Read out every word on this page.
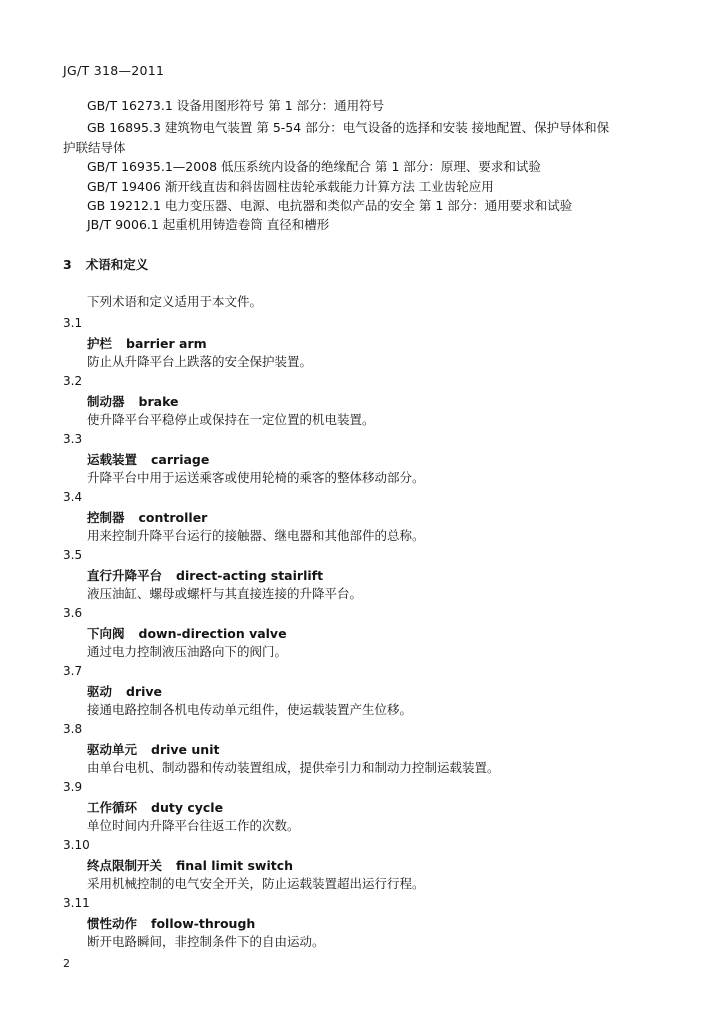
JG/T 318—2011
GB/T 16273.1 设备用图形符号 第 1 部分：通用符号
GB 16895.3 建筑物电气装置 第 5-54 部分：电气设备的选择和安装 接地配置、保护导体和保
护联结导体
GB/T 16935.1—2008 低压系统内设备的绝缘配合 第 1 部分：原理、要求和试验
GB/T 19406 渐开线直齿和斜齿圆柱齿轮承载能力计算方法 工业齿轮应用
GB 19212.1 电力变压器、电源、电抗器和类似产品的安全 第 1 部分：通用要求和试验
JB/T 9006.1 起重机用铸造卷筒 直径和槽形
3 术语和定义
下列术语和定义适用于本文件。
3.1
护栏 barrier arm
防止从升降平台上跌落的安全保护装置。
3.2
制动器 brake
使升降平台平稳停止或保持在一定位置的机电装置。
3.3
运载装置 carriage
升降平台中用于运送乘客或使用轮椅的乘客的整体移动部分。
3.4
控制器 controller
用来控制升降平台运行的接触器、继电器和其他部件的总称。
3.5
直行升降平台 direct-acting stairlift
液压油缸、螺母或螺杆与其直接连接的升降平台。
3.6
下向阀 down-direction valve
通过电力控制液压油路向下的阀门。
3.7
驱动 drive
接通电路控制各机电传动单元组件，使运载装置产生位移。
3.8
驱动单元 drive unit
由单台电机、制动器和传动装置组成，提供牵引力和制动力控制运载装置。
3.9
工作循环 duty cycle
单位时间内升降平台往返工作的次数。
3.10
终点限制开关 final limit switch
采用机械控制的电气安全开关，防止运载装置超出运行行程。
3.11
惯性动作 follow-through
断开电路瞬间，非控制条件下的自由运动。
2
